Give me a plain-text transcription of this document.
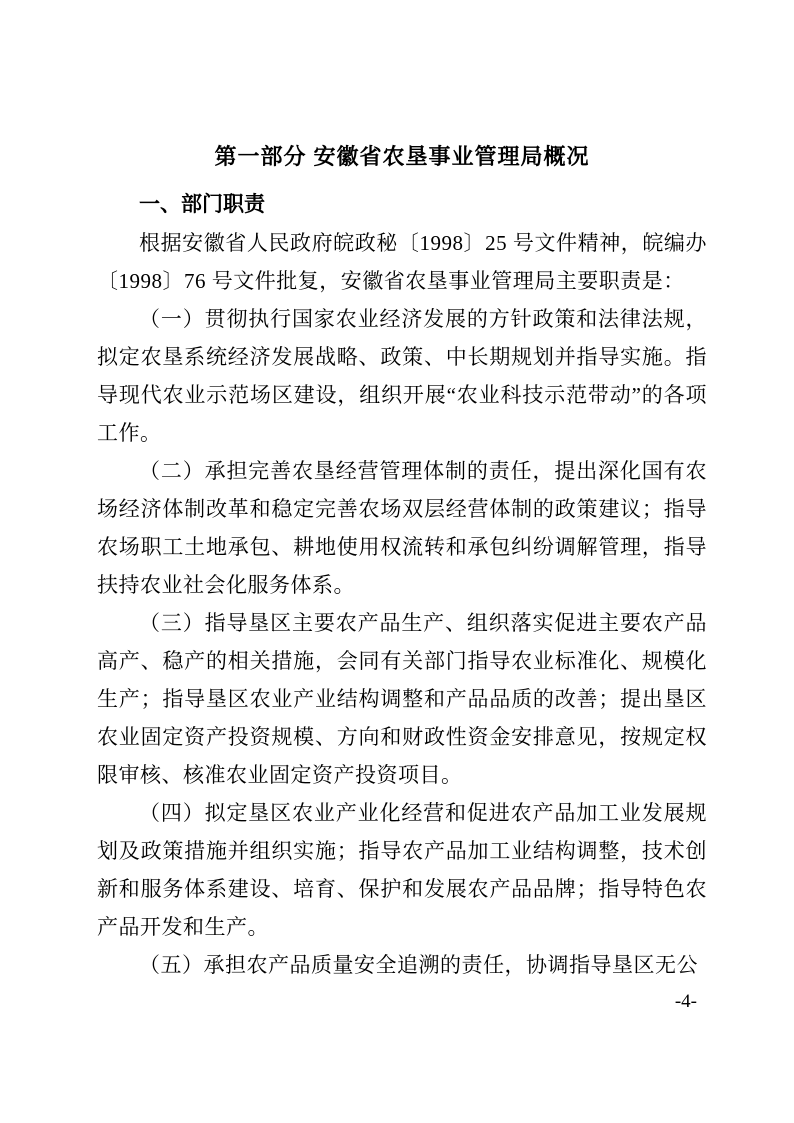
第一部分 安徽省农垦事业管理局概况
一、部门职责

根据安徽省人民政府皖政秘〔1998〕25 号文件精神，皖编办〔1998〕76 号文件批复，安徽省农垦事业管理局主要职责是：

（一）贯彻执行国家农业经济发展的方针政策和法律法规，拟定农垦系统经济发展战略、政策、中长期规划并指导实施。指导现代农业示范场区建设，组织开展“农业科技示范带动”的各项工作。

（二）承担完善农垦经营管理体制的责任，提出深化国有农场经济体制改革和稳定完善农场双层经营体制的政策建议；指导农场职工土地承包、耕地使用权流转和承包纠纷调解管理，指导扶持农业社会化服务体系。

（三）指导垦区主要农产品生产、组织落实促进主要农产品高产、稳产的相关措施，会同有关部门指导农业标准化、规模化生产；指导垦区农业产业结构调整和产品品质的改善；提出垦区农业固定资产投资规模、方向和财政性资金安排意见，按规定权限审核、核准农业固定资产投资项目。

（四）拟定垦区农业产业化经营和促进农产品加工业发展规划及政策措施并组织实施；指导农产品加工业结构调整，技术创新和服务体系建设、培育、保护和发展农产品品牌；指导特色农产品开发和生产。

（五）承担农产品质量安全追溯的责任，协调指导垦区无公

-4-
